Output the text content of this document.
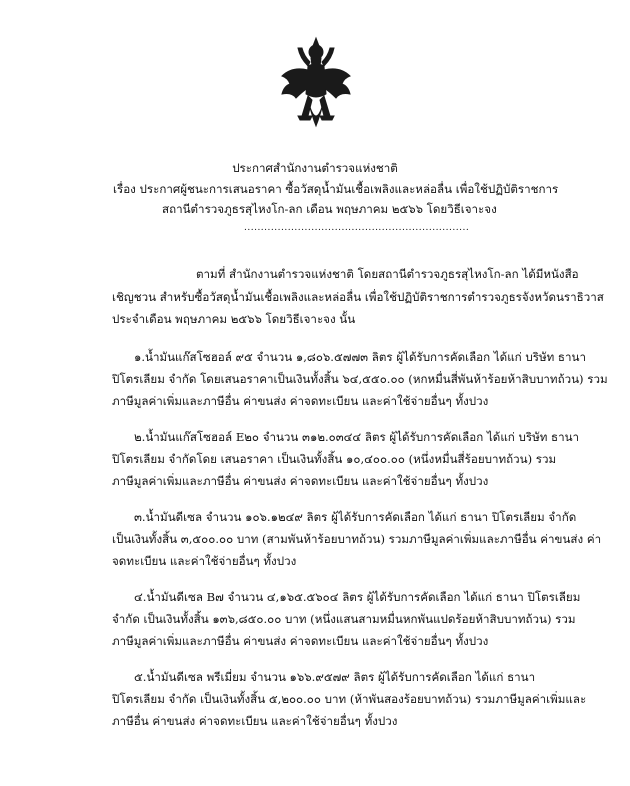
ประกาศสำนักงานตำรวจแห่งชาติ
เรื่อง ประกาศผู้ชนะการเสนอราคา ซื้อวัสดุน้ำมันเชื้อเพลิงและหล่อลื่น เพื่อใช้ปฏิบัติราชการ
สถานีตำรวจภูธรสุไหงโก-ลก เดือน พฤษภาคม ๒๕๖๖ โดยวิธีเจาะจง
...................................................................
ตามที่ สำนักงานตำรวจแห่งชาติ โดยสถานีตำรวจภูธรสุไหงโก-ลก ได้มีหนังสือ
เชิญชวน สำหรับซื้อวัสดุน้ำมันเชื้อเพลิงและหล่อลื่น เพื่อใช้ปฏิบัติราชการตำรวจภูธรจังหวัดนราธิวาส
ประจำเดือน พฤษภาคม ๒๕๖๖ โดยวิธีเจาะจง นั้น
๑.น้ำมันแก๊สโซฮอล์ ๙๕ จำนวน ๑,๘๐๖.๕๗๗๓ ลิตร ผู้ได้รับการคัดเลือก ได้แก่ บริษัท ธานา
ปิโตรเลียม จำกัด โดยเสนอราคาเป็นเงินทั้งสิ้น ๖๔,๕๕๐.๐๐ (หกหมื่นสี่พันห้าร้อยห้าสิบบาทถ้วน) รวม
ภาษีมูลค่าเพิ่มและภาษีอื่น ค่าขนส่ง ค่าจดทะเบียน และค่าใช้จ่ายอื่นๆ ทั้งปวง
๒.น้ำมันแก๊สโซฮอล์ E๒๐ จำนวน ๓๑๒.๐๓๔๔ ลิตร ผู้ได้รับการคัดเลือก ได้แก่ บริษัท ธานา
ปิโตรเลียม จำกัดโดย เสนอราคา เป็นเงินทั้งสิ้น ๑๐,๔๐๐.๐๐ (หนึ่งหมื่นสี่ร้อยบาทถ้วน) รวม
ภาษีมูลค่าเพิ่มและภาษีอื่น ค่าขนส่ง ค่าจดทะเบียน และค่าใช้จ่ายอื่นๆ ทั้งปวง
๓.น้ำมันดีเซล จำนวน ๑๐๖.๑๒๔๙ ลิตร ผู้ได้รับการคัดเลือก ได้แก่ ธานา ปิโตรเลียม จำกัด
เป็นเงินทั้งสิ้น ๓,๕๐๐.๐๐ บาท (สามพันห้าร้อยบาทถ้วน) รวมภาษีมูลค่าเพิ่มและภาษีอื่น ค่าขนส่ง ค่า
จดทะเบียน และค่าใช้จ่ายอื่นๆ ทั้งปวง
๔.น้ำมันดีเซล B๗ จำนวน ๔,๑๖๕.๕๖๐๔ ลิตร ผู้ได้รับการคัดเลือก ได้แก่ ธานา ปิโตรเลียม
จำกัด เป็นเงินทั้งสิ้น ๑๓๖,๘๕๐.๐๐ บาท (หนึ่งแสนสามหมื่นหกพันแปดร้อยห้าสิบบาทถ้วน) รวม
ภาษีมูลค่าเพิ่มและภาษีอื่น ค่าขนส่ง ค่าจดทะเบียน และค่าใช้จ่ายอื่นๆ ทั้งปวง
๕.น้ำมันดีเซล พรีเมี่ยม จำนวน ๑๖๖.๙๕๗๙ ลิตร ผู้ได้รับการคัดเลือก ได้แก่ ธานา
ปิโตรเลียม จำกัด เป็นเงินทั้งสิ้น ๕,๒๐๐.๐๐ บาท (ห้าพันสองร้อยบาทถ้วน) รวมภาษีมูลค่าเพิ่มและ
ภาษีอื่น ค่าขนส่ง ค่าจดทะเบียน และค่าใช้จ่ายอื่นๆ ทั้งปวง
